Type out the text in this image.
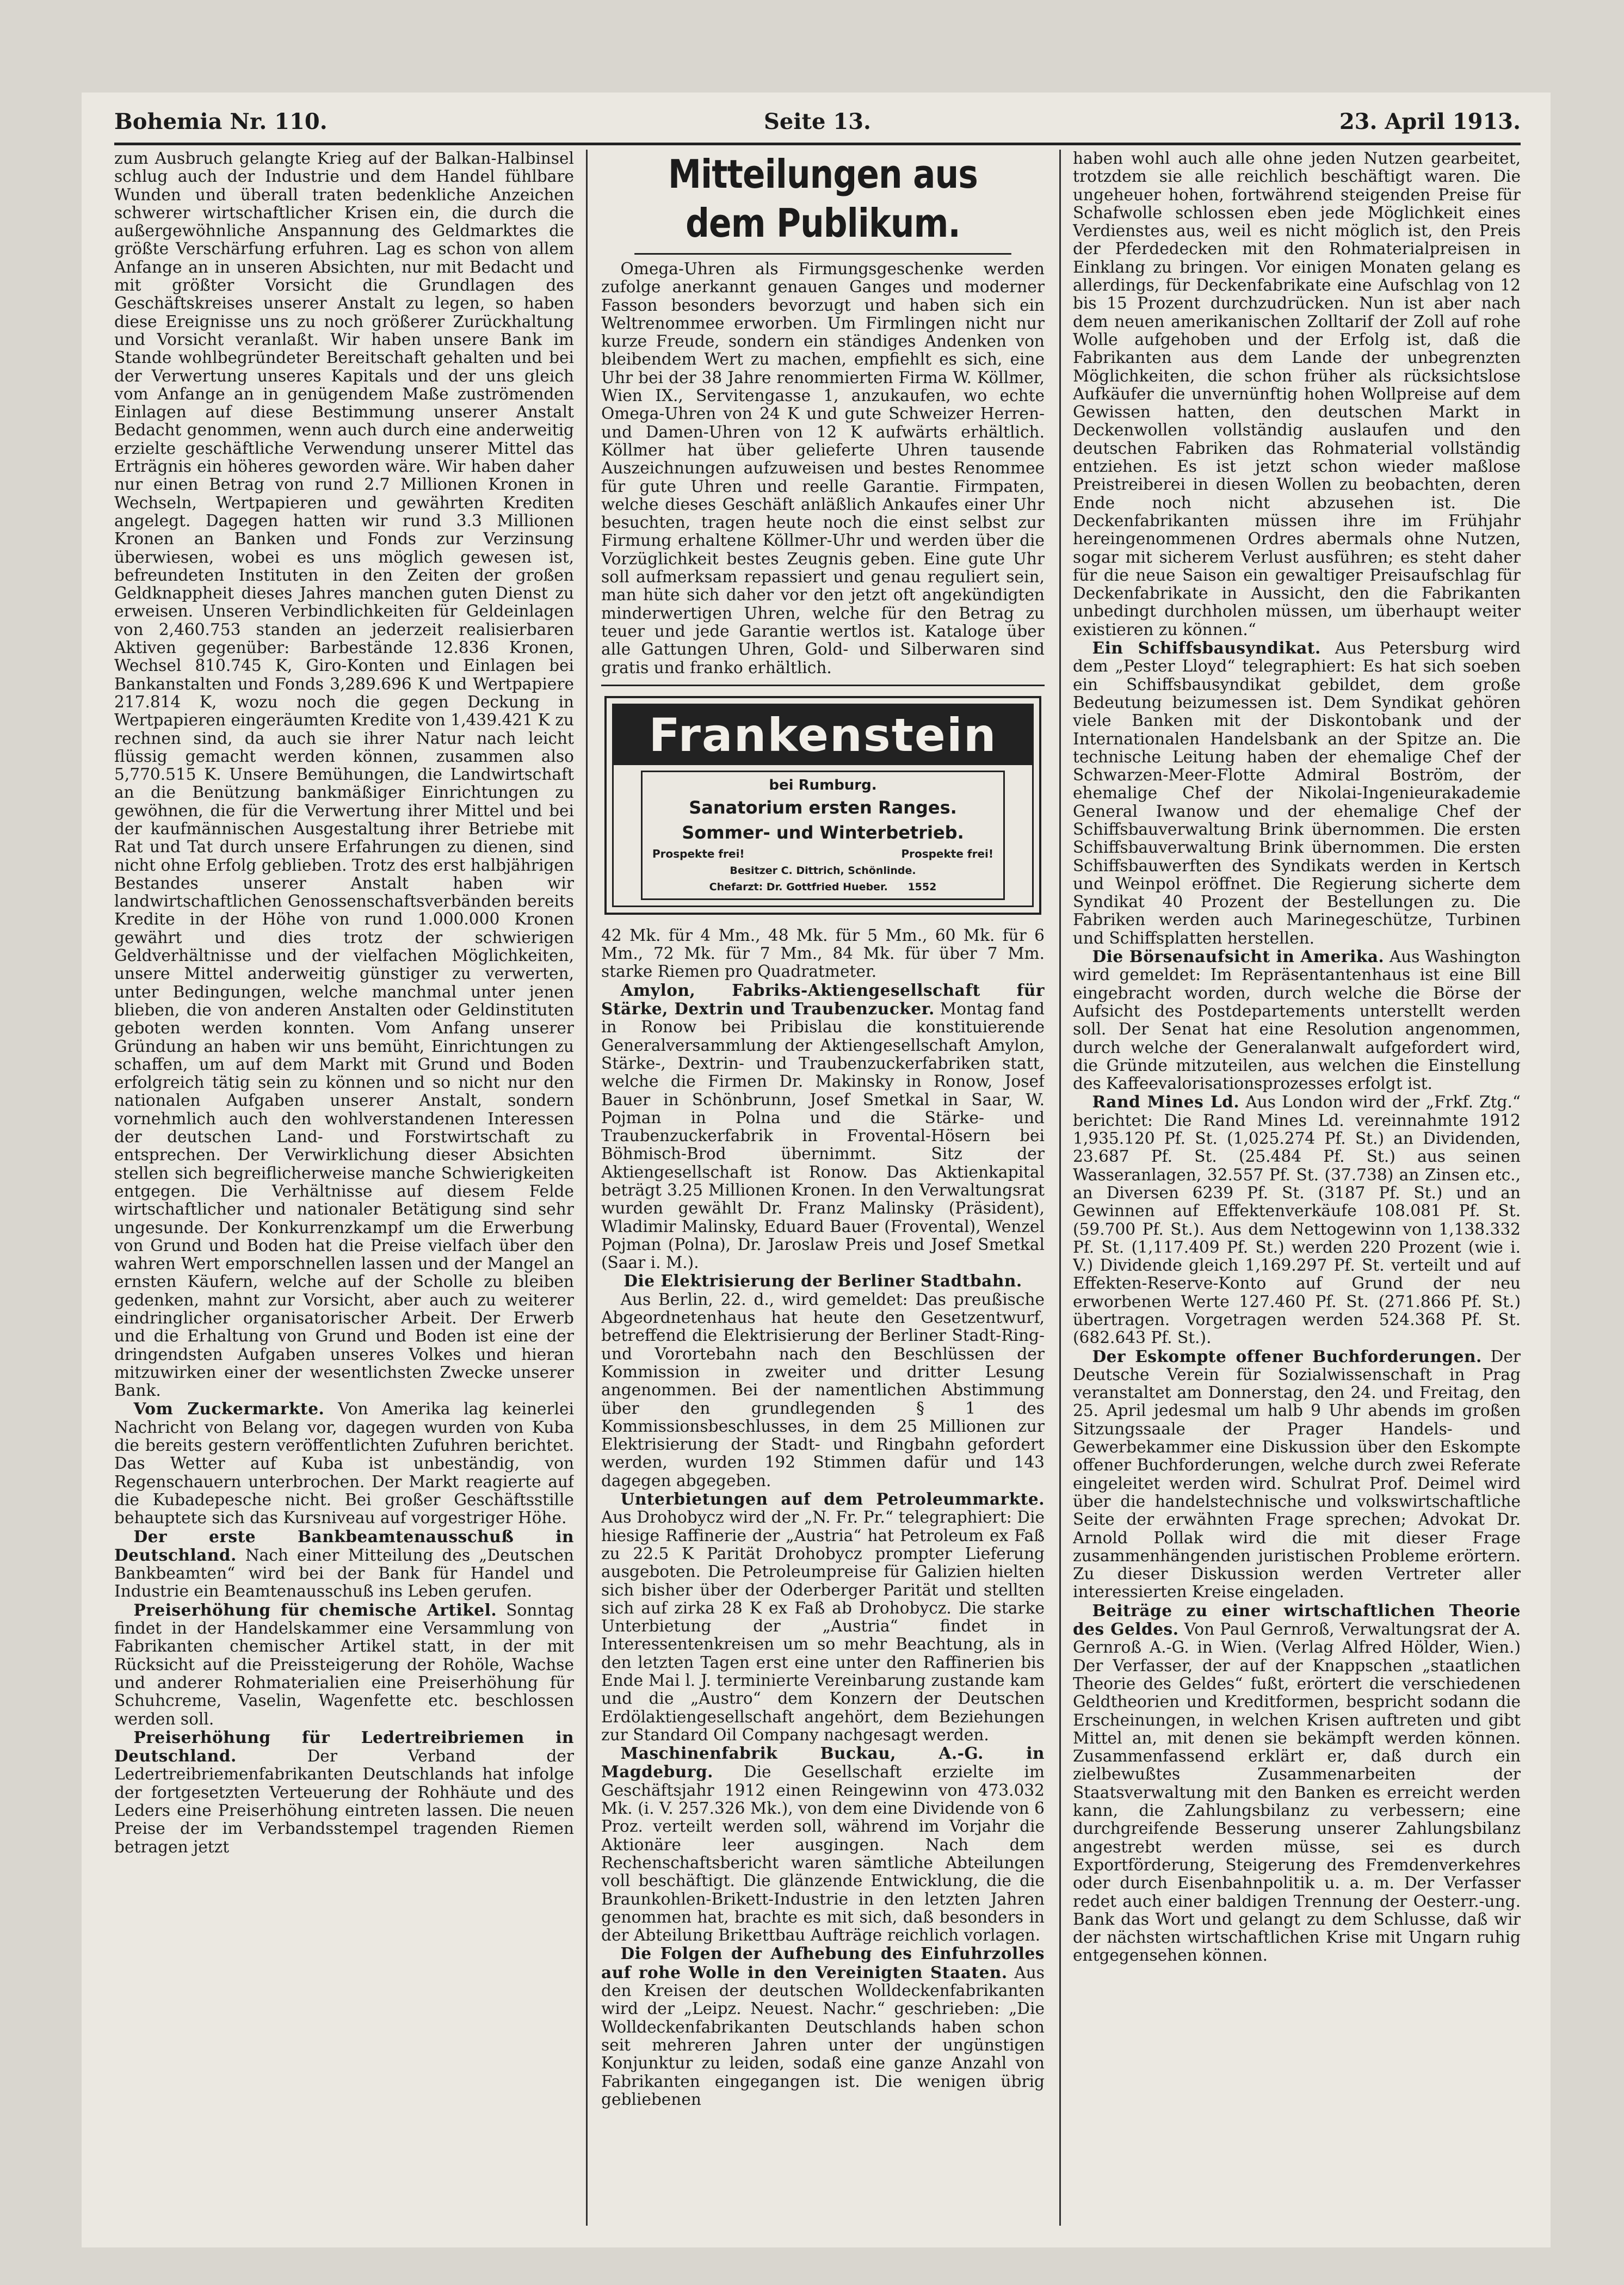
Bohemia Nr. 110.	Seite 13.	23. April 1913.

zum Ausbruch gelangte Krieg auf der Balkan-Halbinsel schlug auch der Industrie und dem Handel fühlbare Wunden und überall traten bedenkliche Anzeichen schwerer wirtschaftlicher Krisen ein, die durch die außergewöhnliche Anspannung des Geldmarktes die größte Verschärfung erfuhren. Lag es schon von allem Anfange an in unseren Absichten, nur mit Bedacht und mit größter Vorsicht die Grundlagen des Geschäftskreises unserer Anstalt zu legen, so haben diese Ereignisse uns zu noch größerer Zurückhaltung und Vorsicht veranlaßt. Wir haben unsere Bank im Stande wohlbegründeter Bereitschaft gehalten und bei der Verwertung unseres Kapitals und der uns gleich vom Anfange an in genügendem Maße zuströmenden Einlagen auf diese Bestimmung unserer Anstalt Bedacht genommen, wenn auch durch eine anderweitig erzielte geschäftliche Verwendung unserer Mittel das Erträgnis ein höheres geworden wäre. Wir haben daher nur einen Betrag von rund 2.7 Millionen Kronen in Wechseln, Wertpapieren und gewährten Krediten angelegt. Dagegen hatten wir rund 3.3 Millionen Kronen an Banken und Fonds zur Verzinsung überwiesen, wobei es uns möglich gewesen ist, befreundeten Instituten in den Zeiten der großen Geldknappheit dieses Jahres manchen guten Dienst zu erweisen. Unseren Verbindlichkeiten für Geldeinlagen von 2,460.753 standen an jederzeit realisierbaren Aktiven gegenüber: Barbestände 12.836 Kronen, Wechsel 810.745 K, Giro-Konten und Einlagen bei Bankanstalten und Fonds 3,289.696 K und Wertpapiere 217.814 K, wozu noch die gegen Deckung in Wertpapieren eingeräumten Kredite von 1,439.421 K zu rechnen sind, da auch sie ihrer Natur nach leicht flüssig gemacht werden können, zusammen also 5,770.515 K. Unsere Bemühungen, die Landwirtschaft an die Benützung bankmäßiger Einrichtungen zu gewöhnen, die für die Verwertung ihrer Mittel und bei der kaufmännischen Ausgestaltung ihrer Betriebe mit Rat und Tat durch unsere Erfahrungen zu dienen, sind nicht ohne Erfolg geblieben. Trotz des erst halbjährigen Bestandes unserer Anstalt haben wir landwirtschaftlichen Genossenschaftsverbänden bereits Kredite in der Höhe von rund 1.000.000 Kronen gewährt und dies trotz der schwierigen Geldverhältnisse und der vielfachen Möglichkeiten, unsere Mittel anderweitig günstiger zu verwerten, unter Bedingungen, welche manchmal unter jenen blieben, die von anderen Anstalten oder Geldinstituten geboten werden konnten. Vom Anfang unserer Gründung an haben wir uns bemüht, Einrichtungen zu schaffen, um auf dem Markt mit Grund und Boden erfolgreich tätig sein zu können und so nicht nur den nationalen Aufgaben unserer Anstalt, sondern vornehmlich auch den wohlverstandenen Interessen der deutschen Land- und Forstwirtschaft zu entsprechen. Der Verwirklichung dieser Absichten stellen sich begreiflicherweise manche Schwierigkeiten entgegen. Die Verhältnisse auf diesem Felde wirtschaftlicher und nationaler Betätigung sind sehr ungesunde. Der Konkurrenzkampf um die Erwerbung von Grund und Boden hat die Preise vielfach über den wahren Wert emporschnellen lassen und der Mangel an ernsten Käufern, welche auf der Scholle zu bleiben gedenken, mahnt zur Vorsicht, aber auch zu weiterer eindringlicher organisatorischer Arbeit. Der Erwerb und die Erhaltung von Grund und Boden ist eine der dringendsten Aufgaben unseres Volkes und hieran mitzuwirken einer der wesentlichsten Zwecke unserer Bank.

Vom Zuckermarkte. Von Amerika lag keinerlei Nachricht von Belang vor, dagegen wurden von Kuba die bereits gestern veröffentlichten Zufuhren berichtet. Das Wetter auf Kuba ist unbeständig, von Regenschauern unterbrochen. Der Markt reagierte auf die Kubadepesche nicht. Bei großer Geschäftsstille behauptete sich das Kursniveau auf vorgestriger Höhe.

Der erste Bankbeamtenausschuß in Deutschland. Nach einer Mitteilung des „Deutschen Bankbeamten“ wird bei der Bank für Handel und Industrie ein Beamtenausschuß ins Leben gerufen.

Preiserhöhung für chemische Artikel. Sonntag findet in der Handelskammer eine Versammlung von Fabrikanten chemischer Artikel statt, in der mit Rücksicht auf die Preissteigerung der Rohöle, Wachse und anderer Rohmaterialien eine Preiserhöhung für Schuhcreme, Vaselin, Wagenfette etc. beschlossen werden soll.

Preiserhöhung für Ledertreibriemen in Deutschland.	Der Verband der Ledertreibriemenfabrikanten Deutschlands hat infolge der fortgesetzten Verteuerung der Rohhäute und des Leders eine Preiserhöhung eintreten lassen. Die neuen Preise der im Verbandsstempel tragenden Riemen betragen jetzt

Mitteilungen aus dem Publikum.

Omega-Uhren als Firmungsgeschenke werden zufolge anerkannt genauen Ganges und moderner Fasson besonders bevorzugt und haben sich ein Weltrenommee erworben. Um Firmlingen nicht nur kurze Freude, sondern ein ständiges Andenken von bleibendem Wert zu machen, empfiehlt es sich, eine Uhr bei der 38 Jahre renommierten Firma W. Köllmer, Wien IX., Servitengasse 1, anzukaufen, wo echte Omega-Uhren von 24 K und gute Schweizer Herren- und Damen-Uhren von 12 K aufwärts erhältlich. Köllmer hat über gelieferte Uhren tausende Auszeichnungen aufzuweisen und bestes Renommee für gute Uhren und reelle Garantie. Firmpaten, welche dieses Geschäft anläßlich Ankaufes einer Uhr besuchten, tragen heute noch die einst selbst zur Firmung erhaltene Köllmer-Uhr und werden über die Vorzüglichkeit bestes Zeugnis geben. Eine gute Uhr soll aufmerksam repassiert und genau reguliert sein, man hüte sich daher vor den jetzt oft angekündigten minderwertigen Uhren, welche für den Betrag zu teuer und jede Garantie wertlos ist. Kataloge über alle Gattungen Uhren, Gold- und Silberwaren sind gratis und franko erhältlich.

Frankenstein
bei Rumburg.
Sanatorium ersten Ranges.
Sommer- und Winterbetrieb.
Prospekte frei!	Prospekte frei!
Besitzer C. Dittrich, Schönlinde.
Chefarzt: Dr. Gottfried Hueber. 1552

42 Mk. für 4 Mm., 48 Mk. für 5 Mm., 60 Mk. für 6 Mm., 72 Mk. für 7 Mm., 84 Mk. für über 7 Mm. starke Riemen pro Quadratmeter.

Amylon, Fabriks-Aktiengesellschaft für Stärke, Dextrin und Traubenzucker. Montag fand in Ronow bei Pribislau die konstituierende Generalversammlung der Aktiengesellschaft Amylon, Stärke-, Dextrin- und Traubenzuckerfabriken statt, welche die Firmen Dr. Makinsky in Ronow, Josef Bauer in Schönbrunn, Josef Smetkal in Saar, W. Pojman in Polna und die Stärke- und Traubenzuckerfabrik in Frovental-Hösern bei Böhmisch-Brod übernimmt. Sitz der Aktiengesellschaft ist Ronow. Das Aktienkapital beträgt 3.25 Millionen Kronen. In den Verwaltungsrat wurden gewählt Dr. Franz Malinsky (Präsident), Wladimir Malinsky, Eduard Bauer (Frovental), Wenzel Pojman (Polna), Dr. Jaroslaw Preis und Josef Smetkal (Saar i. M.).

Die Elektrisierung der Berliner Stadtbahn.

Aus Berlin, 22. d., wird gemeldet: Das preußische Abgeordnetenhaus hat heute den Gesetzentwurf, betreffend die Elektrisierung der Berliner Stadt-Ring- und Vorortebahn nach den Beschlüssen der Kommission in zweiter und dritter Lesung angenommen. Bei der namentlichen Abstimmung über den grundlegenden § 1 des Kommissionsbeschlusses, in dem 25 Millionen zur Elektrisierung der Stadt- und Ringbahn gefordert werden, wurden 192 Stimmen dafür und 143 dagegen abgegeben.

Unterbietungen auf dem Petroleummarkte. Aus Drohobycz wird der „N. Fr. Pr.“ telegraphiert: Die hiesige Raffinerie der „Austria“ hat Petroleum ex Faß zu 22.5 K Parität Drohobycz prompter Lieferung ausgeboten. Die Petroleumpreise für Galizien hielten sich bisher über der Oderberger Parität und stellten sich auf zirka 28 K ex Faß ab Drohobycz. Die starke Unterbietung der „Austria“ findet in Interessentenkreisen um so mehr Beachtung, als in den letzten Tagen erst eine unter den Raffinerien bis Ende Mai l. J. terminierte Vereinbarung zustande kam und die „Austro“ dem Konzern der Deutschen Erdölaktiengesellschaft angehört, dem Beziehungen zur Standard Oil Company nachgesagt werden.

Maschinenfabrik Buckau, A.-G. in Magdeburg. Die Gesellschaft erzielte im Geschäftsjahr 1912 einen Reingewinn von 473.032 Mk. (i. V. 257.326 Mk.), von dem eine Dividende von 6 Proz. verteilt werden soll, während im Vorjahr die Aktionäre leer ausgingen. Nach dem Rechenschaftsbericht waren sämtliche Abteilungen voll beschäftigt. Die glänzende Entwicklung, die die Braunkohlen-Brikett-Industrie in den letzten Jahren genommen hat, brachte es mit sich, daß besonders in der Abteilung Brikettbau Aufträge reichlich vorlagen.

Die Folgen der Aufhebung des Einfuhrzolles auf rohe Wolle in den Vereinigten Staaten. Aus den Kreisen der deutschen Wolldeckenfabrikanten wird der „Leipz. Neuest. Nachr.“ geschrieben: „Die Wolldeckenfabrikanten Deutschlands haben schon seit mehreren Jahren unter der ungünstigen Konjunktur zu leiden, sodaß eine ganze Anzahl von Fabrikanten eingegangen ist. Die wenigen übrig gebliebenen

haben wohl auch alle ohne jeden Nutzen gearbeitet, trotzdem sie alle reichlich beschäftigt waren. Die ungeheuer hohen, fortwährend steigenden Preise für Schafwolle schlossen eben jede Möglichkeit eines Verdienstes aus, weil es nicht möglich ist, den Preis der Pferdedecken mit den Rohmaterialpreisen in Einklang zu bringen. Vor einigen Monaten gelang es allerdings, für Deckenfabrikate eine Aufschlag von 12 bis 15 Prozent durchzudrücken. Nun ist aber nach dem neuen amerikanischen Zolltarif der Zoll auf rohe Wolle aufgehoben und der Erfolg ist, daß die Fabrikanten aus dem Lande der unbegrenzten Möglichkeiten, die schon früher als rücksichtslose Aufkäufer die unvernünftig hohen Wollpreise auf dem Gewissen hatten, den deutschen Markt in Deckenwollen vollständig auslaufen und den deutschen Fabriken das Rohmaterial vollständig entziehen. Es ist jetzt schon wieder maßlose Preistreiberei in diesen Wollen zu beobachten, deren Ende noch nicht abzusehen ist. Die Deckenfabrikanten müssen ihre im Frühjahr hereingenommenen Ordres abermals ohne Nutzen, sogar mit sicherem Verlust ausführen; es steht daher für die neue Saison ein gewaltiger Preisaufschlag für Deckenfabrikate in Aussicht, den die Fabrikanten unbedingt durchholen müssen, um überhaupt weiter existieren zu können.“

Ein Schiffsbausyndikat. Aus Petersburg wird dem „Pester Lloyd“ telegraphiert: Es hat sich soeben ein Schiffsbausyndikat gebildet, dem große Bedeutung beizumessen ist. Dem Syndikat gehören viele Banken mit der Diskontobank und der Internationalen Handelsbank an der Spitze an. Die technische Leitung haben der ehemalige Chef der Schwarzen-Meer-Flotte Admiral Boström, der ehemalige Chef der Nikolai-Ingenieurakademie General Iwanow und der ehemalige Chef der Schiffsbauverwaltung Brink übernommen. Die ersten Schiffsbauverwaltung Brink übernommen. Die ersten Schiffsbauwerften des Syndikats werden in Kertsch und Weinpol eröffnet. Die Regierung sicherte dem Syndikat 40 Prozent der Bestellungen zu. Die Fabriken werden auch Marinegeschütze, Turbinen und Schiffsplatten herstellen.

Die Börsenaufsicht in Amerika. Aus Washington wird gemeldet: Im Repräsentantenhaus ist eine Bill eingebracht worden, durch welche die Börse der Aufsicht des Postdepartements unterstellt werden soll. Der Senat hat eine Resolution angenommen, durch welche der Generalanwalt aufgefordert wird, die Gründe mitzuteilen, aus welchen die Einstellung des Kaffeevalorisationsprozesses erfolgt ist.

Rand Mines Ld. Aus London wird der „Frkf. Ztg.“ berichtet: Die Rand Mines Ld. vereinnahmte 1912 1,935.120 Pf. St. (1,025.274 Pf. St.) an Dividenden, 23.687 Pf. St. (25.484 Pf. St.) aus seinen Wasseranlagen, 32.557 Pf. St. (37.738) an Zinsen etc., an Diversen 6239 Pf. St. (3187 Pf. St.) und an Gewinnen auf Effektenverkäufe 108.081 Pf. St. (59.700 Pf. St.). Aus dem Nettogewinn von 1,138.332 Pf. St. (1,117.409 Pf. St.) werden 220 Prozent (wie i. V.) Dividende gleich 1,169.297 Pf. St. verteilt und auf Effekten-Reserve-Konto auf Grund der neu erworbenen Werte 127.460 Pf. St. (271.866 Pf. St.) übertragen. Vorgetragen werden 524.368 Pf. St. (682.643 Pf. St.).

Der Eskompte offener Buchforderungen. Der Deutsche Verein für Sozialwissenschaft in Prag veranstaltet am Donnerstag, den 24. und Freitag, den 25. April jedesmal um halb 9 Uhr abends im großen Sitzungssaale der Prager Handels- und Gewerbekammer eine Diskussion über den Eskompte offener Buchforderungen, welche durch zwei Referate eingeleitet werden wird. Schulrat Prof. Deimel wird über die handelstechnische und volkswirtschaftliche Seite der erwähnten Frage sprechen; Advokat Dr. Arnold Pollak wird die mit dieser Frage zusammenhängenden juristischen Probleme erörtern. Zu dieser Diskussion werden Vertreter aller interessierten Kreise eingeladen.

Beiträge zu einer wirtschaftlichen Theorie des Geldes. Von Paul Gernroß, Verwaltungsrat der A. Gernroß A.-G. in Wien. (Verlag Alfred Hölder, Wien.) Der Verfasser, der auf der Knappschen „staatlichen Theorie des Geldes“ fußt, erörtert die verschiedenen Geldtheorien und Kreditformen, bespricht sodann die Erscheinungen, in welchen Krisen auftreten und gibt Mittel an, mit denen sie bekämpft werden können. Zusammenfassend erklärt er, daß durch ein zielbewußtes Zusammenarbeiten der Staatsverwaltung mit den Banken es erreicht werden kann, die Zahlungsbilanz zu verbessern; eine durchgreifende Besserung unserer Zahlungsbilanz angestrebt werden müsse, sei es durch Exportförderung, Steigerung des Fremdenverkehres oder durch Eisenbahnpolitik u. a. m. Der Verfasser redet auch einer baldigen Trennung der Oesterr.-ung. Bank das Wort und gelangt zu dem Schlusse, daß wir der nächsten wirtschaftlichen Krise mit Ungarn ruhig entgegensehen können.
